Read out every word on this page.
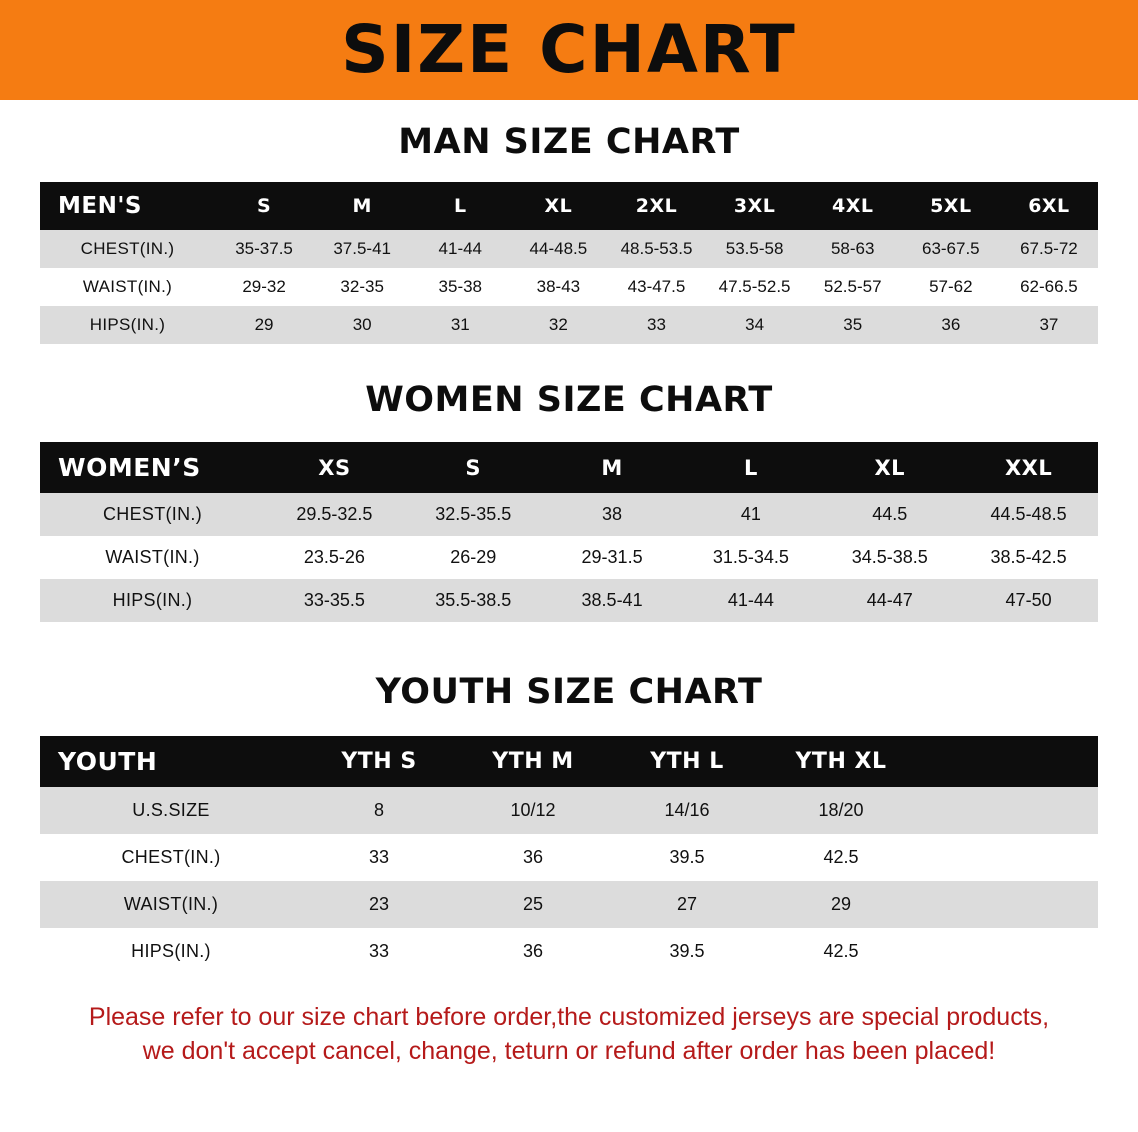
SIZE CHART
MAN SIZE CHART
MEN'S	S	M	L	XL	2XL	3XL	4XL	5XL	6XL
CHEST(IN.)	35-37.5	37.5-41	41-44	44-48.5	48.5-53.5	53.5-58	58-63	63-67.5	67.5-72
WAIST(IN.)	29-32	32-35	35-38	38-43	43-47.5	47.5-52.5	52.5-57	57-62	62-66.5
HIPS(IN.)	29	30	31	32	33	34	35	36	37
WOMEN SIZE CHART
WOMEN’S	XS	S	M	L	XL	XXL
CHEST(IN.)	29.5-32.5	32.5-35.5	38	41	44.5	44.5-48.5
WAIST(IN.)	23.5-26	26-29	29-31.5	31.5-34.5	34.5-38.5	38.5-42.5
HIPS(IN.)	33-35.5	35.5-38.5	38.5-41	41-44	44-47	47-50
YOUTH SIZE CHART
YOUTH	YTH S	YTH M	YTH L	YTH XL	
U.S.SIZE	8	10/12	14/16	18/20	
CHEST(IN.)	33	36	39.5	42.5	
WAIST(IN.)	23	25	27	29	
HIPS(IN.)	33	36	39.5	42.5	
Please refer to our size chart before order,the customized jerseys are special products,
we don't accept cancel, change, teturn or refund after order has been placed!
